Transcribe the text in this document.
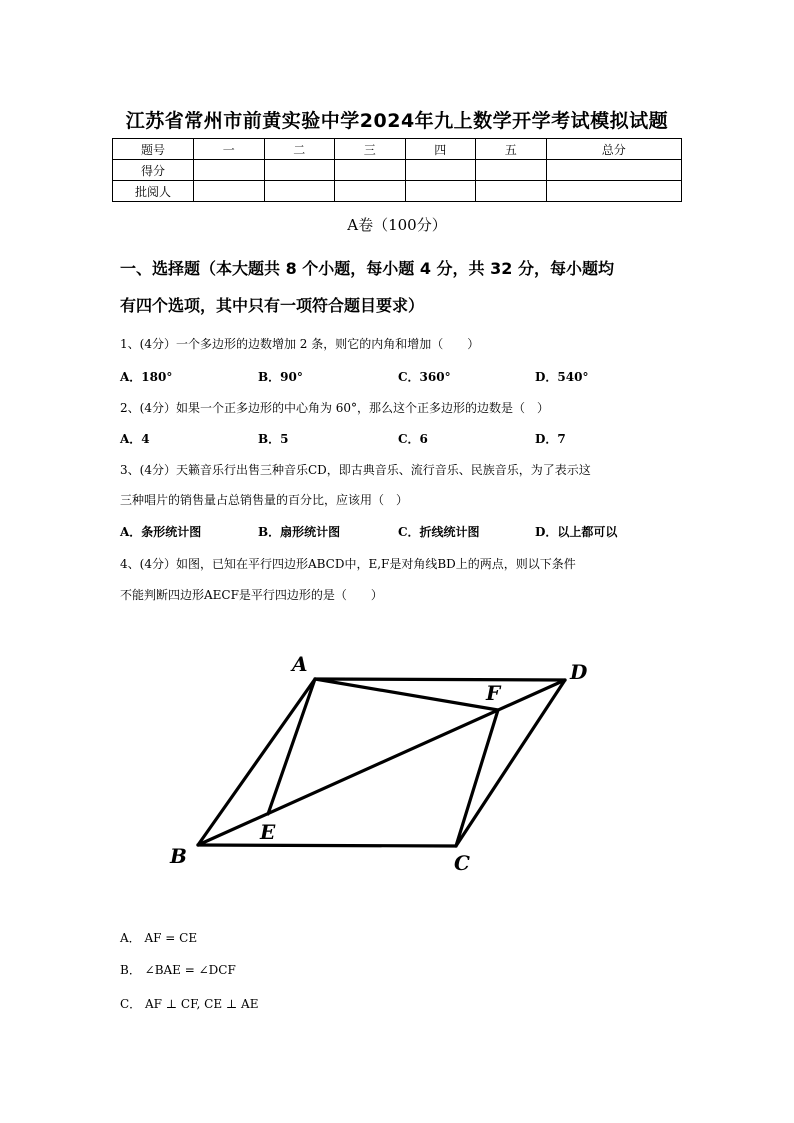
江苏省常州市前黄实验中学2024年九上数学开学考试模拟试题
题号	一	二	三	四	五	总分
得分						
批阅人						
A卷（100分）
一、选择题（本大题共 8 个小题，每小题 4 分，共 32 分，每小题均
有四个选项，其中只有一项符合题目要求）
1、(4分）一个多边形的边数增加 2 条，则它的内角和增加（　　）
A．180°	B．90°	C．360°	D．540°
2、(4分）如果一个正多边形的中心角为 60°，那么这个正多边形的边数是（　）
A．4	B．5	C．6	D．7
3、(4分）天籁音乐行出售三种音乐CD，即古典音乐、流行音乐、民族音乐，为了表示这
三种唱片的销售量占总销售量的百分比，应该用（　）
A．条形统计图	B．扇形统计图	C．折线统计图	D．以上都可以
4、(4分）如图，已知在平行四边形ABCD中，E,F是对角线BD上的两点，则以下条件
不能判断四边形AECF是平行四边形的是（　　）
A
B	C
D
E
F
A． AF = CE
B． ∠BAE = ∠DCF
C． AF ⊥ CF, CE ⊥ AE
